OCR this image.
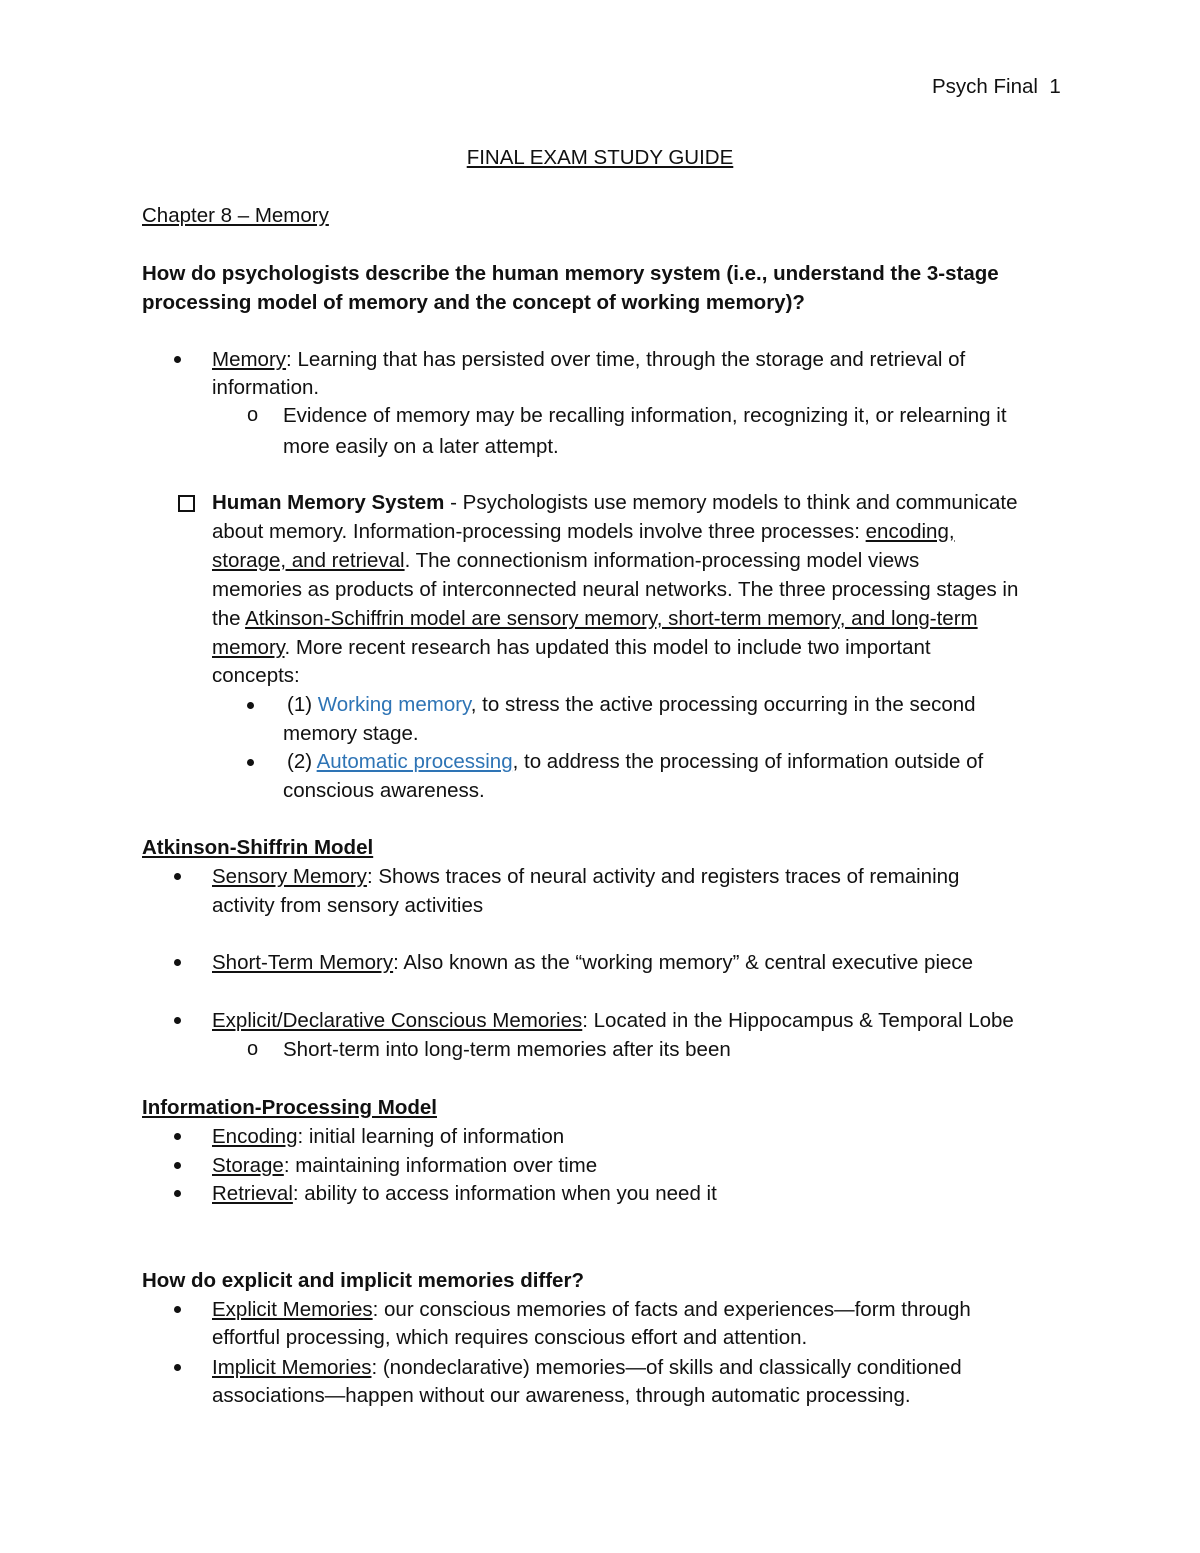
Psych Final 1
FINAL EXAM STUDY GUIDE
Chapter 8 – Memory
How do psychologists describe the human memory system (i.e., understand the 3-stage
processing model of memory and the concept of working memory)?
Memory: Learning that has persisted over time, through the storage and retrieval of
information.
o Evidence of memory may be recalling information, recognizing it, or relearning it
more easily on a later attempt.
Human Memory System - Psychologists use memory models to think and communicate
about memory. Information-processing models involve three processes: encoding,
storage, and retrieval. The connectionism information-processing model views
memories as products of interconnected neural networks. The three processing stages in
the Atkinson-Schiffrin model are sensory memory, short-term memory, and long-term
memory. More recent research has updated this model to include two important
concepts:
(1) Working memory, to stress the active processing occurring in the second
memory stage.
(2) Automatic processing, to address the processing of information outside of
conscious awareness.
Atkinson-Shiffrin Model
Sensory Memory: Shows traces of neural activity and registers traces of remaining
activity from sensory activities
Short-Term Memory: Also known as the “working memory” & central executive piece
Explicit/Declarative Conscious Memories: Located in the Hippocampus & Temporal Lobe
o Short-term into long-term memories after its been
Information-Processing Model
Encoding: initial learning of information
Storage: maintaining information over time
Retrieval: ability to access information when you need it
How do explicit and implicit memories differ?
Explicit Memories: our conscious memories of facts and experiences—form through
effortful processing, which requires conscious effort and attention.
Implicit Memories: (nondeclarative) memories—of skills and classically conditioned
associations—happen without our awareness, through automatic processing.
